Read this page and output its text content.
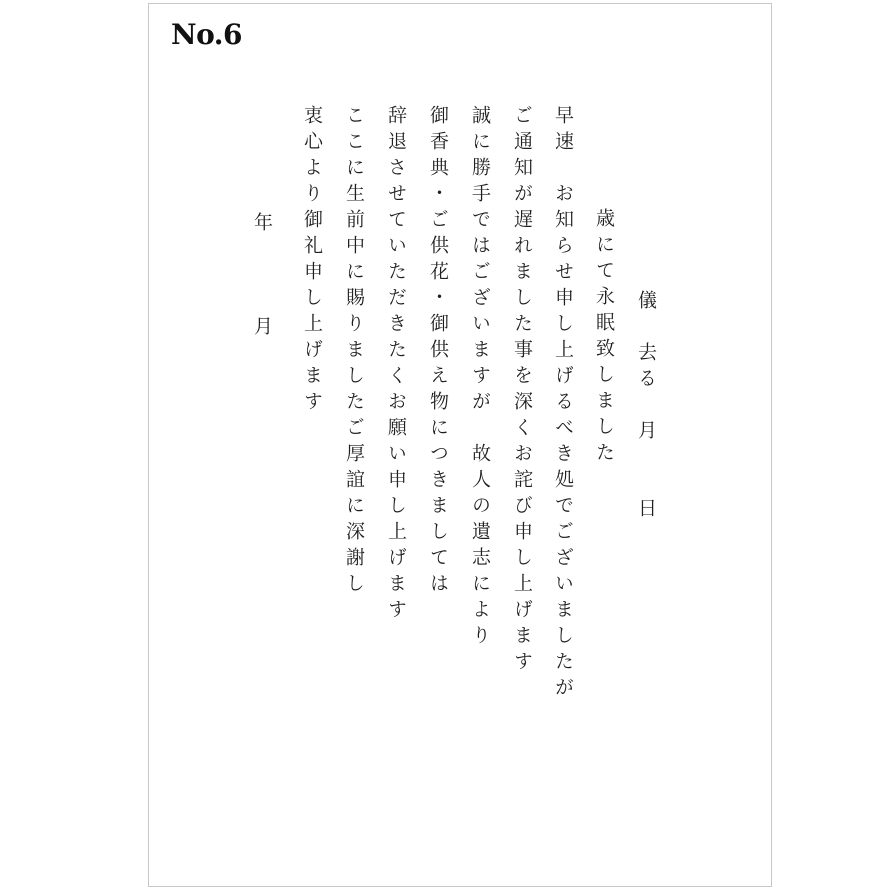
No.6
儀　去る　月　　日
歳にて永眠致しました
早速　お知らせ申し上げるべき処でございましたが
ご通知が遅れました事を深くお詫び申し上げます
誠に勝手ではございますが　故人の遺志により
御香典・ご供花・御供え物につきましては
辞退させていただきたくお願い申し上げます
ここに生前中に賜りましたご厚誼に深謝し
衷心より御礼申し上げます
年　　　月
